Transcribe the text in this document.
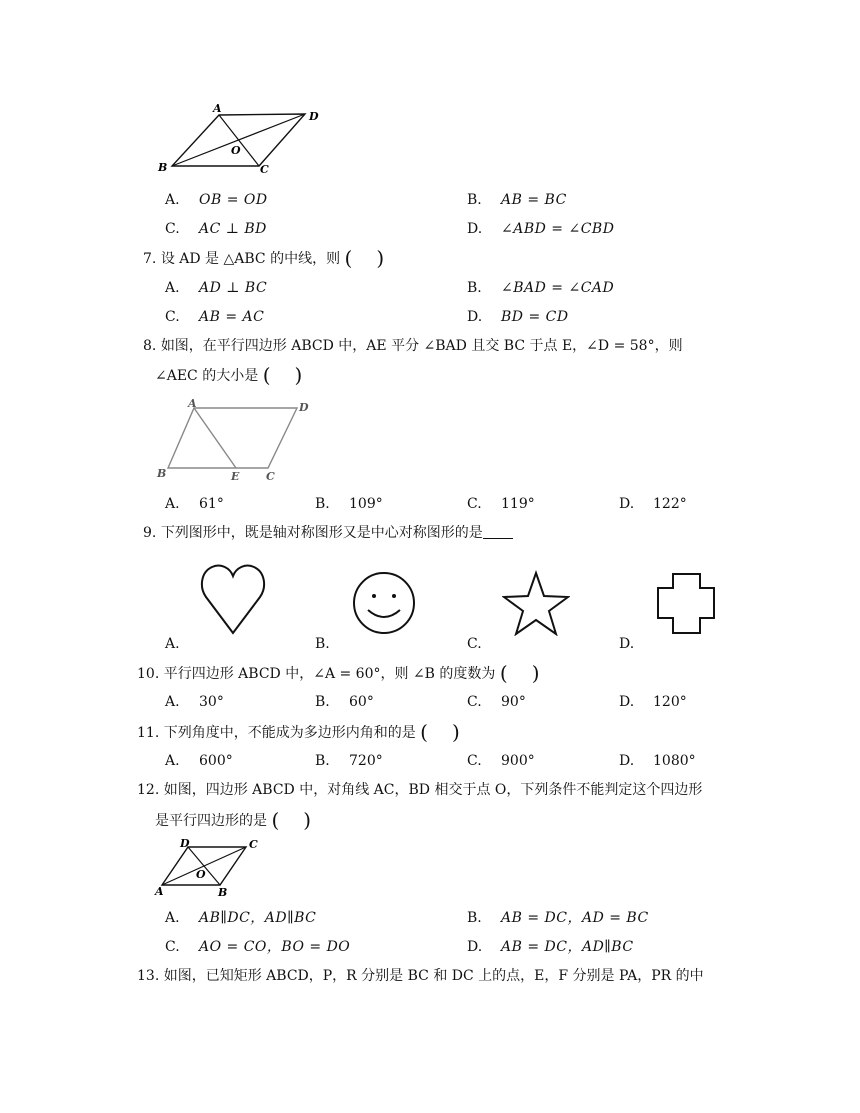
A
D
B	C
O
A. OB = OD	B. AB = BC
C. AC ⊥ BD	D. ∠ABD = ∠CBD
7. 设 AD 是 △ABC 的中线，则 ( )
A. AD ⊥ BC	B. ∠BAD = ∠CAD
C. AB = AC	D. BD = CD
8. 如图，在平行四边形 ABCD 中，AE 平分 ∠BAD 且交 BC 于点 E，∠D = 58°，则
∠AEC 的大小是 ( )
A	D
B	E C
A. 61°	B. 109°	C. 119°	D. 122°
9. 下列图形中，既是轴对称图形又是中心对称图形的是
A.	B.	C.	D.
10. 平行四边形 ABCD 中，∠A = 60°，则 ∠B 的度数为 ( )
A. 30°	B. 60°	C. 90°	D. 120°
11. 下列角度中，不能成为多边形内角和的是 ( )
A. 600°	B. 720°	C. 900°	D. 1080°
12. 如图，四边形 ABCD 中，对角线 AC，BD 相交于点 O，下列条件不能判定这个四边形
是平行四边形的是 ( )
D	C
A	B
O
A. AB∥DC，AD∥BC	B. AB = DC，AD = BC
C. AO = CO，BO = DO	D. AB = DC，AD∥BC
13. 如图，已知矩形 ABCD，P，R 分别是 BC 和 DC 上的点，E，F 分别是 PA，PR 的中
